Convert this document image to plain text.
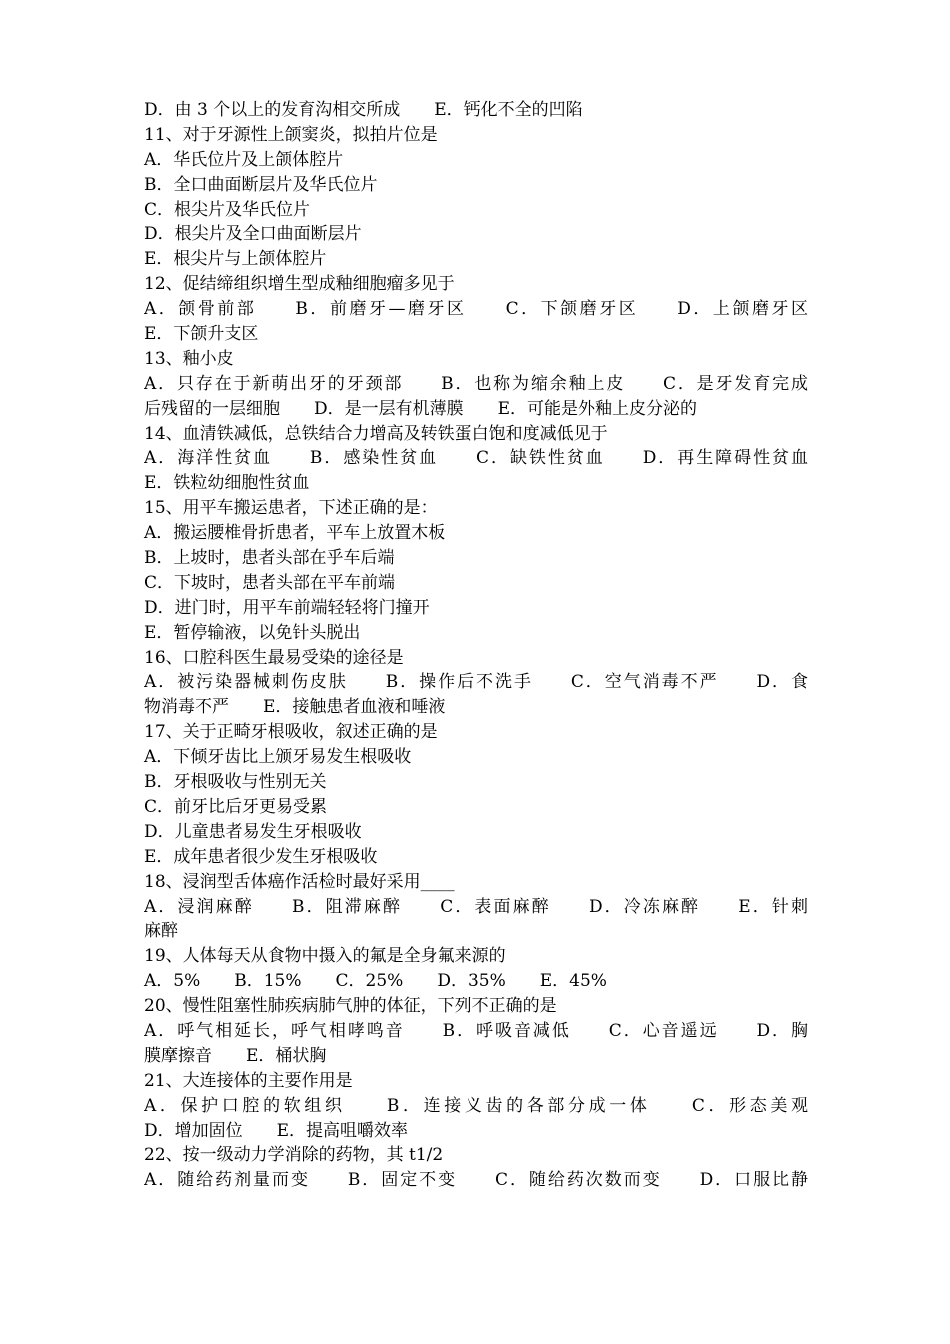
D．由 3 个以上的发育沟相交所成　　E．钙化不全的凹陷
11、对于牙源性上颌窦炎，拟拍片位是
A．华氏位片及上颌体腔片
B．全口曲面断层片及华氏位片
C．根尖片及华氏位片
D．根尖片及全口曲面断层片
E．根尖片与上颌体腔片
12、促结缔组织增生型成釉细胞瘤多见于
A．颌骨前部　　B．前磨牙—磨牙区　　C．下颌磨牙区　　D．上颌磨牙区
E．下颌升支区
13、釉小皮
A．只存在于新萌出牙的牙颈部　　B．也称为缩余釉上皮　　C．是牙发育完成
后残留的一层细胞　　D．是一层有机薄膜　　E．可能是外釉上皮分泌的
14、血清铁减低，总铁结合力增高及转铁蛋白饱和度减低见于
A．海洋性贫血　　B．感染性贫血　　C．缺铁性贫血　　D．再生障碍性贫血
E．铁粒幼细胞性贫血
15、用平车搬运患者，下述正确的是：
A．搬运腰椎骨折患者，平车上放置木板
B．上坡时，患者头部在乎车后端
C．下坡时，患者头部在平车前端
D．进门时，用平车前端轻轻将门撞开
E．暂停输液，以免针头脱出
16、口腔科医生最易受染的途径是
A．被污染器械刺伤皮肤　　B．操作后不洗手　　C．空气消毒不严　　D．食
物消毒不严　　E．接触患者血液和唾液
17、关于正畸牙根吸收，叙述正确的是
A．下倾牙齿比上颁牙易发生根吸收
B．牙根吸收与性别无关
C．前牙比后牙更易受累
D．儿童患者易发生牙根吸收
E．成年患者很少发生牙根吸收
18、浸润型舌体癌作活检时最好采用____
A．浸润麻醉　　B．阻滞麻醉　　C．表面麻醉　　D．冷冻麻醉　　E．针刺
麻醉
19、人体每天从食物中摄入的氟是全身氟来源的
A．5%　　B．15%　　C．25%　　D．35%　　E．45%
20、慢性阻塞性肺疾病肺气肿的体征，下列不正确的是
A．呼气相延长，呼气相哮鸣音　　B．呼吸音减低　　C．心音遥远　　D．胸
膜摩擦音　　E．桶状胸
21、大连接体的主要作用是
A．保护口腔的软组织　　B．连接义齿的各部分成一体　　C．形态美观
D．增加固位　　E．提高咀嚼效率
22、按一级动力学消除的药物，其 t1/2
A．随给药剂量而变　　B．固定不变　　C．随给药次数而变　　D．口服比静
